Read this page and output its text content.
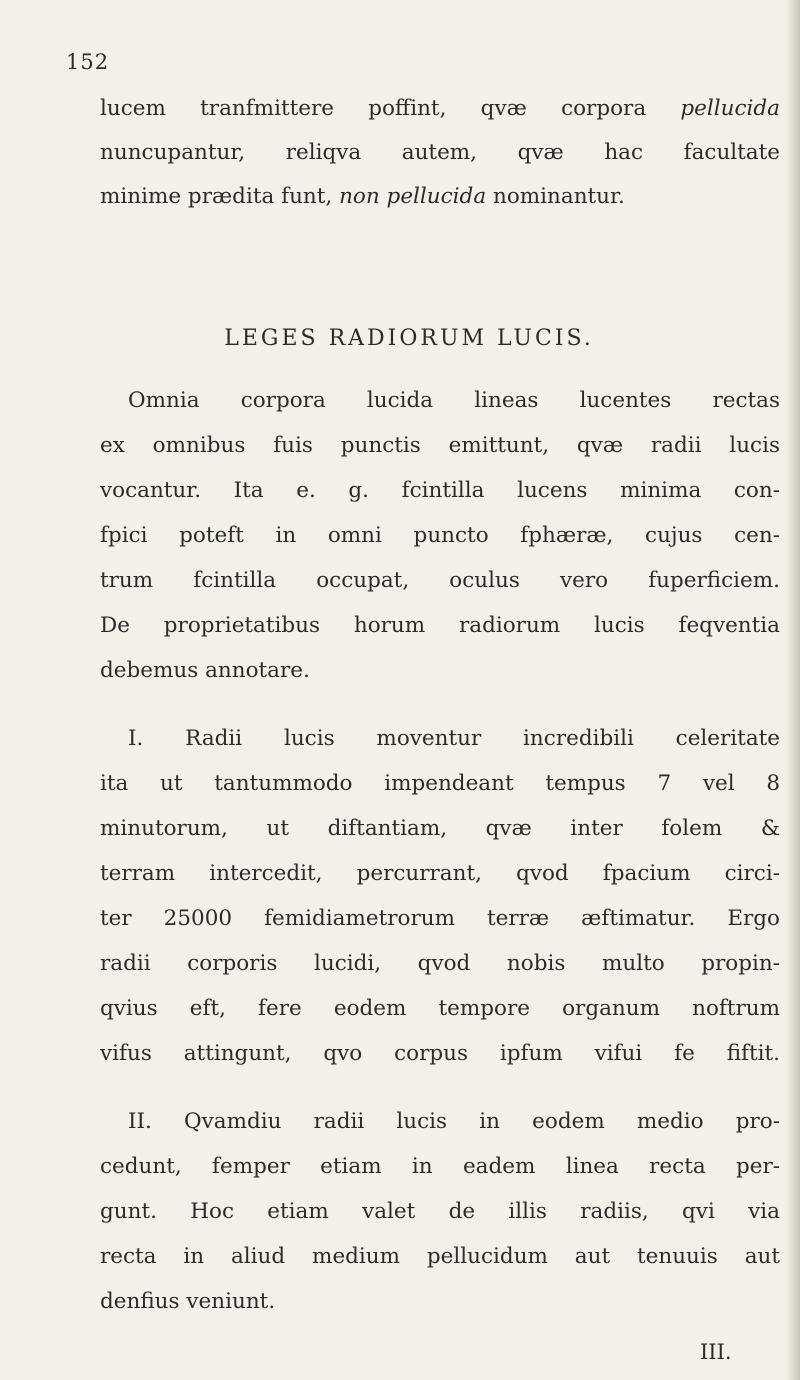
152
lucem tranfmittere poffint, qvæ corpora pellucida
nuncupantur, reliqva autem, qvæ hac facultate
minime prædita funt, non pellucida nominantur.
LEGES RADIORUM LUCIS.
Omnia corpora lucida lineas lucentes rectas
ex omnibus fuis punctis emittunt, qvæ radii lucis
vocantur. Ita e. g. fcintilla lucens minima con-
fpici poteft in omni puncto fphæræ, cujus cen-
trum fcintilla occupat, oculus vero fuperficiem.
De proprietatibus horum radiorum lucis feqventia
debemus annotare.
I. Radii lucis moventur incredibili celeritate
ita ut tantummodo impendeant tempus 7 vel 8
minutorum, ut diftantiam, qvæ inter folem &
terram intercedit, percurrant, qvod fpacium circi-
ter 25000 femidiametrorum terræ æftimatur. Ergo
radii corporis lucidi, qvod nobis multo propin-
qvius eft, fere eodem tempore organum noftrum
vifus attingunt, qvo corpus ipfum vifui fe fiftit.
II. Qvamdiu radii lucis in eodem medio pro-
cedunt, femper etiam in eadem linea recta per-
gunt. Hoc etiam valet de illis radiis, qvi via
recta in aliud medium pellucidum aut tenuuis aut
denfius veniunt.
III.
